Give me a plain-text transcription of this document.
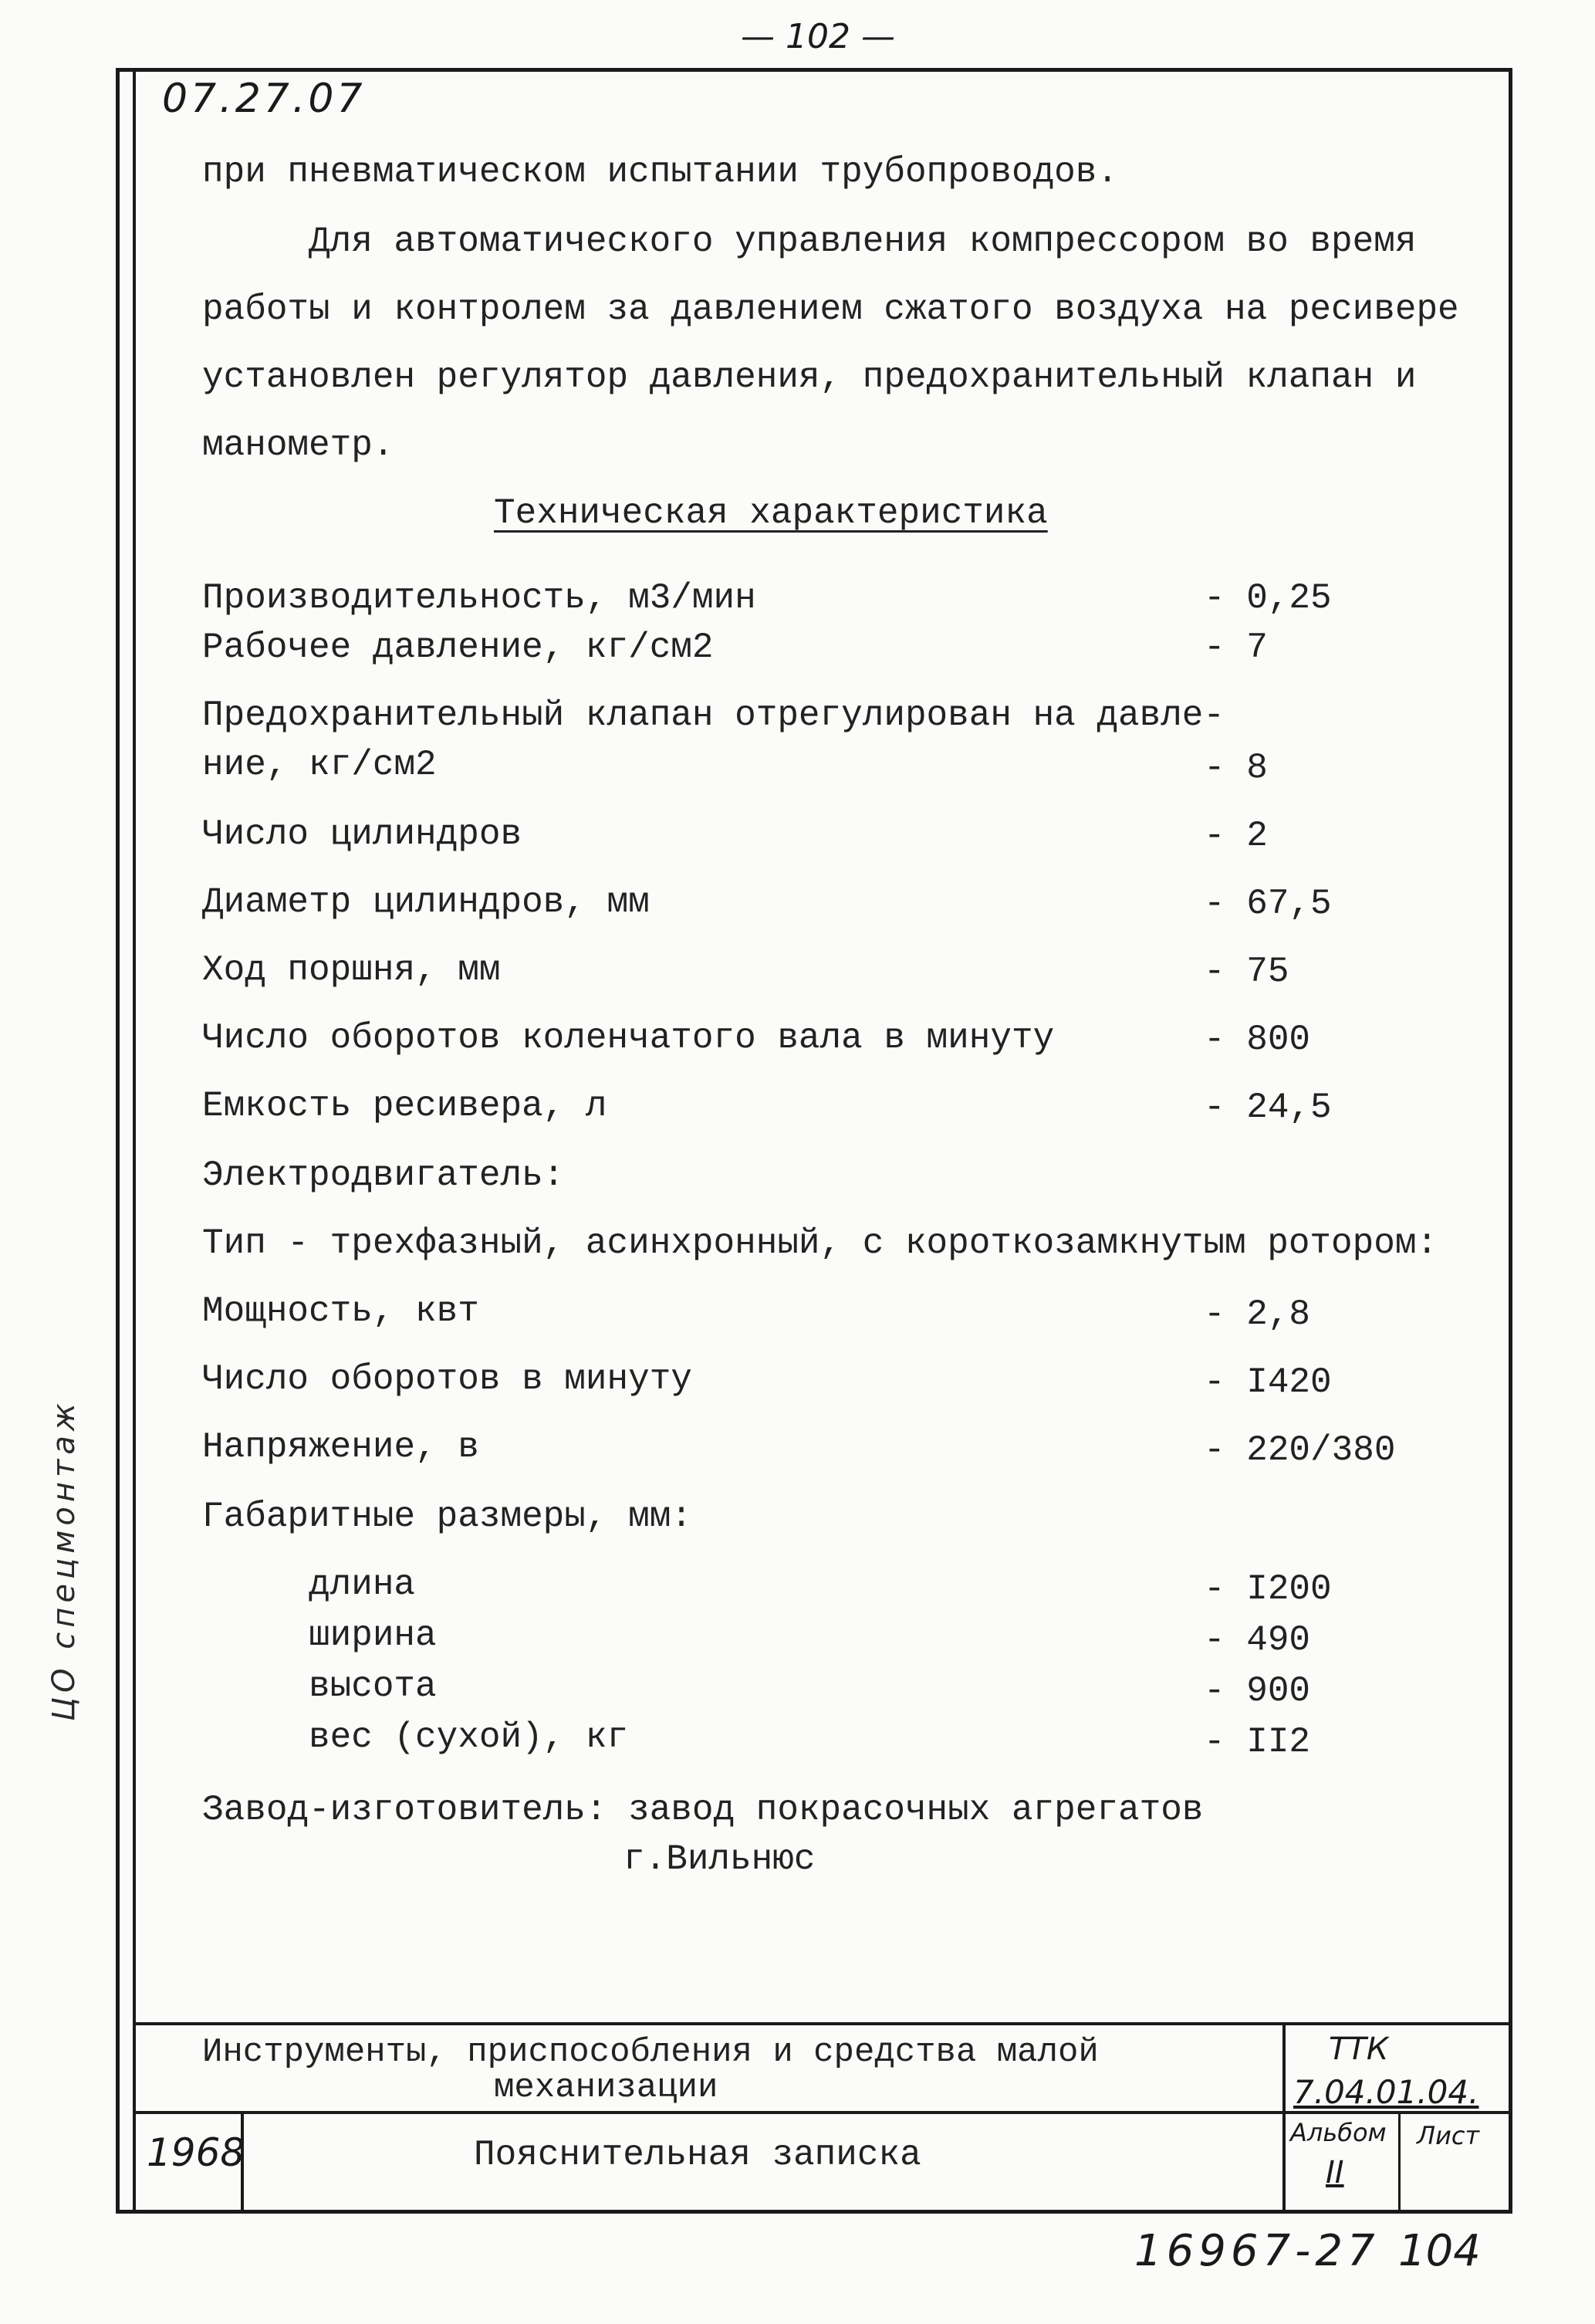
— 102 —
ЦО спецмонтаж
07.27.07
при пневматическом испытании трубопроводов.
Для автоматического управления компрессором во время
работы и контролем за давлением сжатого воздуха на ресивере
установлен регулятор давления, предохранительный клапан и
манометр.
Техническая характеристика
Производительность, м3/мин	- 0,25
Рабочее давление, кг/см2	- 7
Предохранительный клапан отрегулирован на давле-
ние, кг/см2	- 8
Число цилиндров	- 2
Диаметр цилиндров, мм	- 67,5
Ход поршня, мм	- 75
Число оборотов коленчатого вала в минуту	- 800
Емкость ресивера, л	- 24,5
Электродвигатель:
Тип - трехфазный, асинхронный, с короткозамкнутым ротором:
Мощность, квт	- 2,8
Число оборотов в минуту	- I420
Напряжение, в	- 220/380
Габаритные размеры, мм:
длина	- I200
ширина	- 490
высота	- 900
вес (сухой), кг	- II2
Завод-изготовитель: завод покрасочных агрегатов
г.Вильнюс
Инструменты, приспособления и средства малой
механизации
ТТК
7.04.01.04.
1968	Пояснительная записка
Альбом
II
Лист
16967-27 104
